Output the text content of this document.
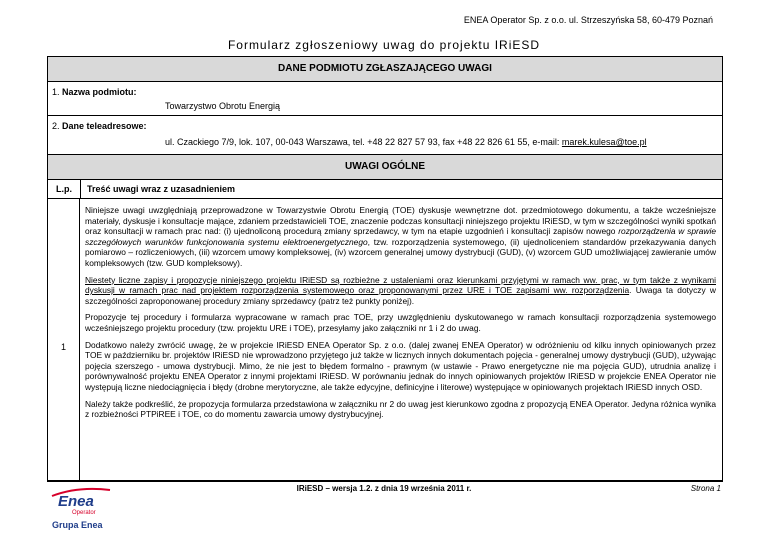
ENEA Operator Sp. z o.o. ul. Strzeszyńska 58, 60-479 Poznań
Formularz zgłoszeniowy uwag do projektu IRiESD
DANE PODMIOTU ZGŁASZAJĄCEGO UWAGI
1. Nazwa podmiotu:
Towarzystwo Obrotu Energią
2. Dane teleadresowe:
ul. Czackiego 7/9, lok. 107, 00-043 Warszawa, tel. +48 22 827 57 93, fax +48 22 826 61 55, e-mail: marek.kulesa@toe.pl
UWAGI OGÓLNE
L.p.	Treść uwagi wraz z uzasadnieniem
1

Niniejsze uwagi uwzględniają przeprowadzone w Towarzystwie Obrotu Energią (TOE) dyskusje wewnętrzne dot. przedmiotowego dokumentu, a także wcześniejsze materiały, dyskusje i konsultacje mające, zdaniem przedstawicieli TOE, znaczenie podczas konsultacji niniejszego projektu IRiESD, w tym w szczególności wyniki spotkań oraz konsultacji w ramach prac nad: (i) ujednoliconą procedurą zmiany sprzedawcy, w tym na etapie uzgodnień i konsultacji zapisów nowego rozporządzenia w sprawie szczegółowych warunków funkcjonowania systemu elektroenergetycznego, tzw. rozporządzenia systemowego, (ii) ujednoliceniem standardów przekazywania danych pomiarowo – rozliczeniowych, (iii) wzorcem umowy kompleksowej, (iv) wzorcem generalnej umowy dystrybucji (GUD), (v) wzorcem GUD umożliwiającej zawieranie umów kompleksowych (tzw. GUD kompleksowy).

Niestety liczne zapisy i propozycje niniejszego projektu IRiESD są rozbieżne z ustaleniami oraz kierunkami przyjętymi w ramach ww. prac, w tym także z wynikami dyskusji w ramach prac nad projektem rozporządzenia systemowego oraz proponowanymi przez URE i TOE zapisami ww. rozporządzenia. Uwaga ta dotyczy w szczególności zaproponowanej procedury zmiany sprzedawcy (patrz też punkty poniżej).

Propozycje tej procedury i formularza wypracowane w ramach prac TOE, przy uwzględnieniu dyskutowanego w ramach konsultacji rozporządzenia systemowego wcześniejszego projektu procedury (tzw. projektu URE i TOE), przesyłamy jako załączniki nr 1 i 2 do uwag.

Dodatkowo należy zwrócić uwagę, że w projekcie IRiESD ENEA Operator Sp. z o.o. (dalej zwanej ENEA Operator) w odróżnieniu od kilku innych opiniowanych przez TOE w październiku br. projektów IRiESD nie wprowadzono przyjętego już także w licznych innych dokumentach pojęcia - generalnej umowy dystrybucji (GUD), używając pojęcia szerszego - umowa dystrybucji. Mimo, że nie jest to błędem formalno - prawnym (w ustawie - Prawo energetyczne nie ma pojęcia GUD), utrudnia analizę i porównywalność projektu ENEA Operator z innymi projektami IRiESD. W porównaniu jednak do innych opiniowanych projektów IRiESD w projekcie ENEA Operator nie występują liczne niedociągnięcia i błędy (drobne merytoryczne, ale także edycyjne, definicyjne i literowe) występujące w opiniowanych projektach IRiESD innych OSD.

Należy także podkreślić, że propozycja formularza przedstawiona w załączniku nr 2 do uwag jest kierunkowo zgodna z propozycją ENEA Operator. Jedyna różnica wynika z rozbieżności PTPiREE i TOE, co do momentu zawarcia umowy dystrybucyjnej.

Enea
Operator
Grupa Enea
IRiESD – wersja 1.2. z dnia 19 września 2011 r.	Strona 1
